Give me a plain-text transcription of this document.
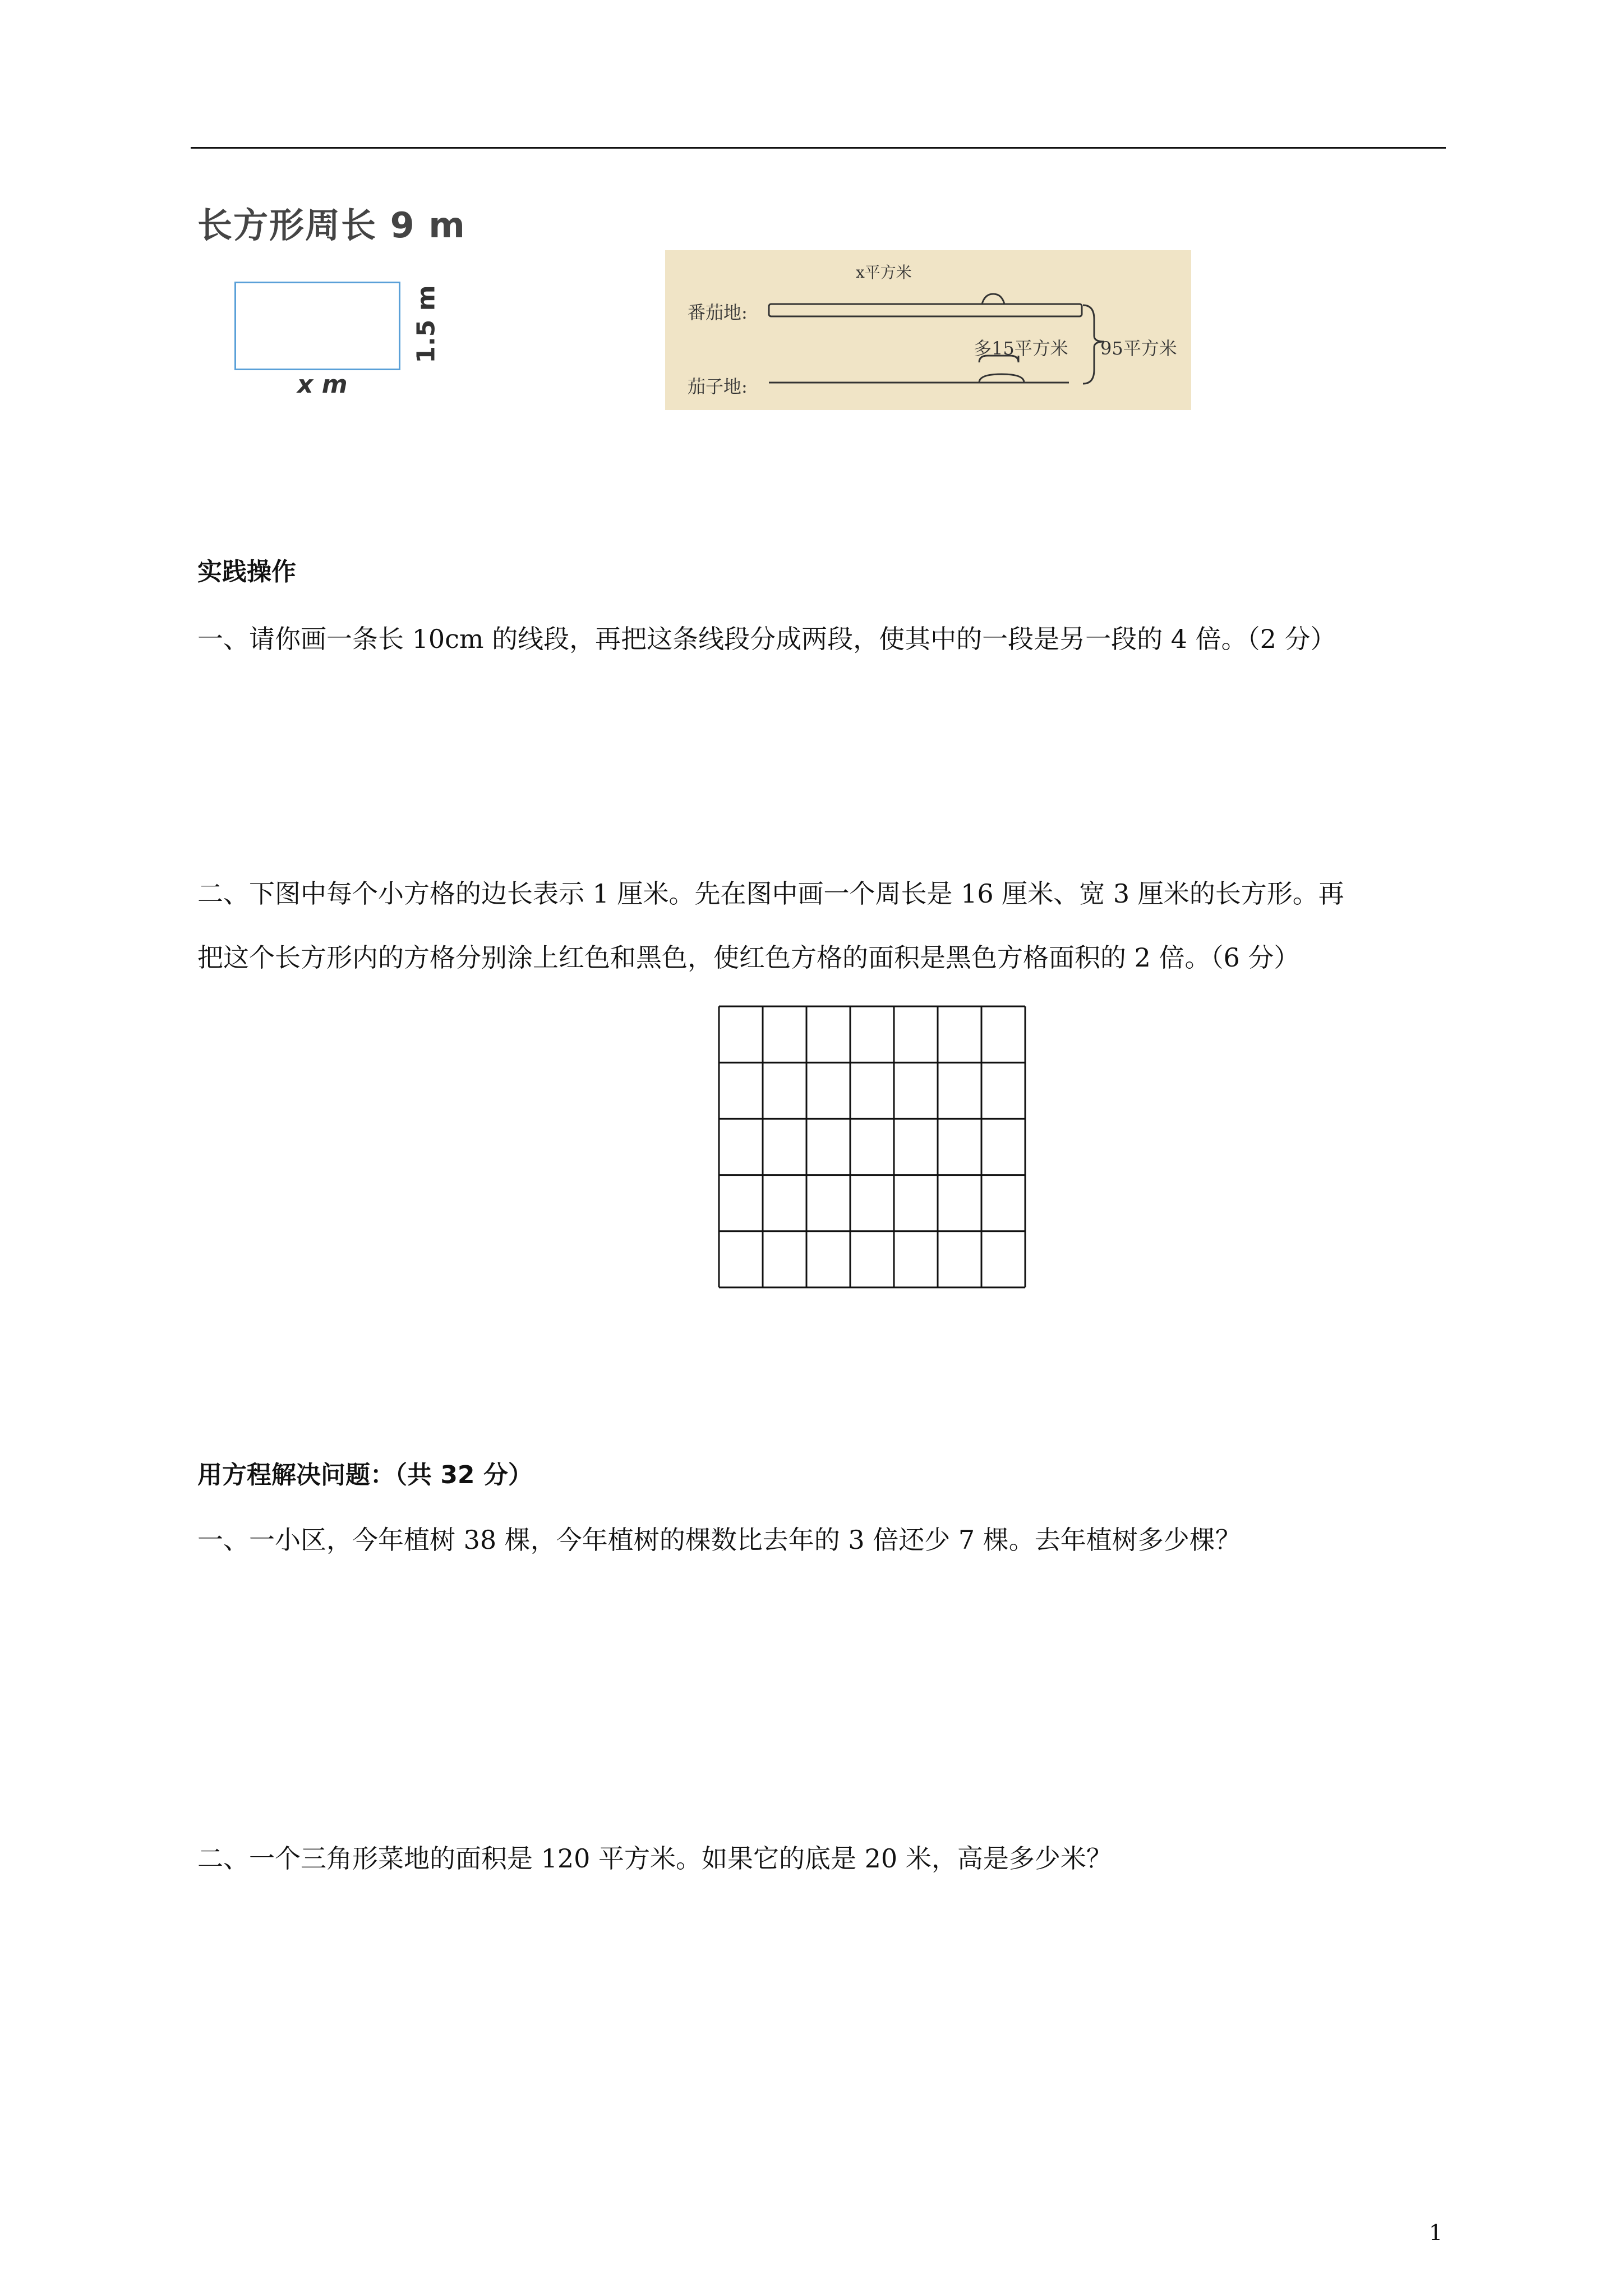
长方形周长 9 m
1.5 m
x m
x平方米
番茄地:
茄子地:
多15平方米 95平方米
实践操作
一、请你画一条长 10cm 的线段，再把这条线段分成两段，使其中的一段是另一段的 4 倍。（2 分）
二、下图中每个小方格的边长表示 1 厘米。先在图中画一个周长是 16 厘米、宽 3 厘米的长方形。再
把这个长方形内的方格分别涂上红色和黑色，使红色方格的面积是黑色方格面积的 2 倍。（6 分）
用方程解决问题：（共 32 分）
一、一小区，今年植树 38 棵，今年植树的棵数比去年的 3 倍还少 7 棵。去年植树多少棵？
二、一个三角形菜地的面积是 120 平方米。如果它的底是 20 米，高是多少米？
1
